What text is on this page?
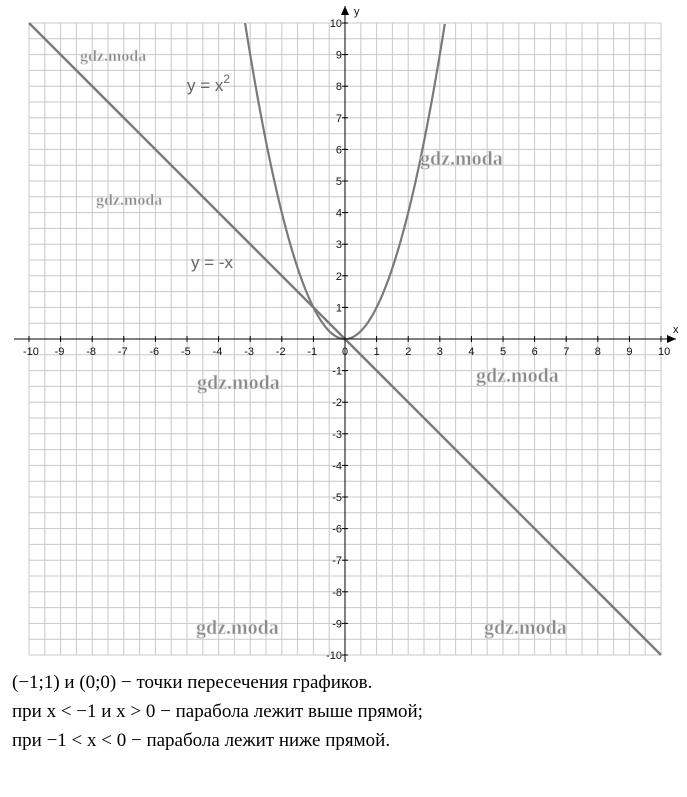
-10 -9 -8 -7 -6 -5 -4 -3 -2 -1 0 1 2 3 4 5 6 7 8 9 10
-10
-9
-8
-7
-6
-5
-4
-3
-2
-1
1
2
3
4
5
6
7
8
9
10
y
x
$y = x^2$
y = -x
gdz.moda
gdz.moda
gdz.moda
gdz.moda	gdz.moda
gdz.moda	gdz.moda
(−1;1) и (0;0) − точки пересечения графиков.
при x < −1 и x > 0 − парабола лежит выше прямой;
при −1 < x < 0 − парабола лежит ниже прямой.
